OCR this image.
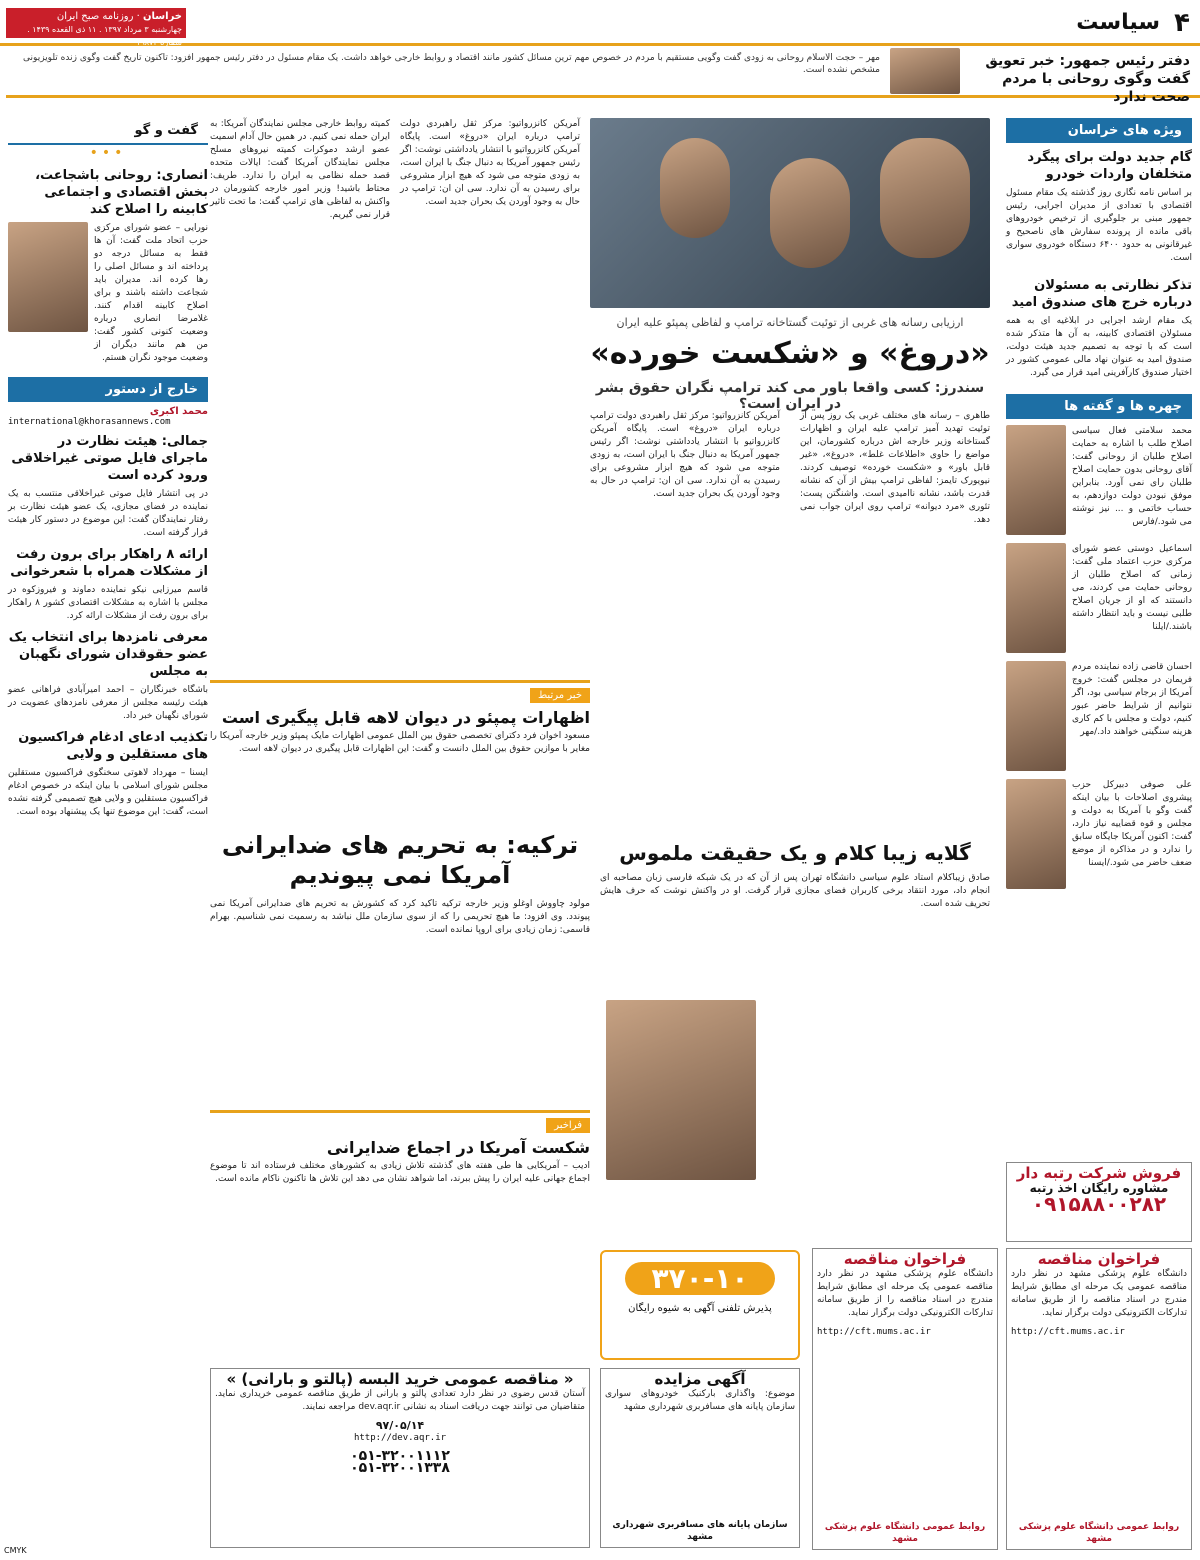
۴
سیاست
خراسان · روزنامه صبح ایران
چهارشنبه ۳ مرداد ۱۳۹۷ . ۱۱ ذی القعده ۱۴۳۹ . شماره ۱۹۸۷۴
دفتر رئیس جمهور: خبر تعویق گفت وگوی روحانی با مردم صحت ندارد
مهر – حجت الاسلام روحانی به زودی گفت وگویی مستقیم با مردم در خصوص مهم ترین مسائل کشور مانند اقتصاد و روابط خارجی خواهد داشت. یک مقام مسئول در دفتر رئیس جمهور افزود: تاکنون تاریخ گفت وگوی زنده تلویزیونی مشخص نشده است.
ویژه های خراسان
گام جدید دولت برای پیگرد متخلفان واردات خودرو
بر اساس نامه نگاری روز گذشته یک مقام مسئول اقتصادی با تعدادی از مدیران اجرایی، رئیس جمهور مبنی بر جلوگیری از ترخیص خودروهای باقی مانده از پرونده سفارش های ناصحیح و غیرقانونی به حدود ۶۴۰۰ دستگاه خودروی سواری است.
تذکر نظارتی به مسئولان درباره خرج های صندوق امید
یک مقام ارشد اجرایی در ابلاغیه ای به همه مسئولان اقتصادی کابینه، به آن ها متذکر شده است که با توجه به تصمیم جدید هیئت دولت، صندوق امید به عنوان نهاد مالی عمومی کشور در اختیار صندوق کارآفرینی امید قرار می گیرد.
چهره ها و گفته ها
محمد سلامتی فعال سیاسی اصلاح طلب با اشاره به حمایت اصلاح طلبان از روحانی گفت: آقای روحانی بدون حمایت اصلاح طلبان رای نمی آورد. بنابراین موفق نبودن دولت دوازدهم، به حساب خاتمی و ... نیز نوشته می شود./فارس
اسماعیل دوستی عضو شورای مرکزی حزب اعتماد ملی گفت: زمانی که اصلاح طلبان از روحانی حمایت می کردند، می دانستند که او از جریان اصلاح طلبی نیست و باید انتظار داشته باشند./ایلنا
احسان قاضی زاده نماینده مردم فریمان در مجلس گفت: خروج آمریکا از برجام سیاسی بود، اگر نتوانیم از شرایط حاضر عبور کنیم، دولت و مجلس با کم کاری هزینه سنگینی خواهند داد./مهر
علی صوفی دبیرکل حزب پیشروی اصلاحات با بیان اینکه گفت وگو با آمریکا به دولت و مجلس و قوه قضاییه نیاز دارد، گفت: اکنون آمریکا جایگاه سابق را ندارد و در مذاکره از موضع ضعف حاضر می شود./ایسنا
فروش شرکت رتبه دار
مشاوره رایگان اخذ رتبه
۰۹۱۵۸۸۰۰۲۸۲
فراخوان مناقصه
دانشگاه علوم پزشکی مشهد در نظر دارد مناقصه عمومی یک مرحله ای مطابق شرایط مندرج در اسناد مناقصه را از طریق سامانه تدارکات الکترونیکی دولت برگزار نماید.
http://cft.mums.ac.ir
روابط عمومی دانشگاه علوم پزشکی مشهد
فراخوان مناقصه
دانشگاه علوم پزشکی مشهد در نظر دارد مناقصه عمومی یک مرحله ای مطابق شرایط مندرج در اسناد مناقصه را از طریق سامانه تدارکات الکترونیکی دولت برگزار نماید.
http://cft.mums.ac.ir
روابط عمومی دانشگاه علوم پزشکی مشهد
ارزیابی رسانه های غربی از توئیت گستاخانه ترامپ و لفاظی پمپئو علیه ایران
«دروغ» و «شکست خورده»
سندرز: کسی واقعا باور می کند ترامپ نگران حقوق بشر در ایران است؟
طاهری – رسانه های مختلف غربی یک روز پس از توئیت تهدید آمیز ترامپ علیه ایران و اظهارات گستاخانه وزیر خارجه اش درباره کشورمان، این مواضع را حاوی «اطلاعات غلط»، «دروغ»، «غیر قابل باور» و «شکست خورده» توصیف کردند. نیویورک تایمز: لفاظی ترامپ بیش از آن که نشانه قدرت باشد، نشانه ناامیدی است. واشنگتن پست: تئوری «مرد دیوانه» ترامپ روی ایران جواب نمی دهد.
آمریکن کانزرواتیو: مرکز ثقل راهبردی دولت ترامپ درباره ایران «دروغ» است. پایگاه آمریکن کانزرواتیو با انتشار یادداشتی نوشت: اگر رئیس جمهور آمریکا به دنبال جنگ با ایران است، به زودی متوجه می شود که هیچ ابزار مشروعی برای رسیدن به آن ندارد. سی ان ان: ترامپ در حال به وجود آوردن یک بحران جدید است.
آمریکن کانزرواتیو: مرکز ثقل راهبردی دولت ترامپ درباره ایران «دروغ» است. پایگاه آمریکن کانزرواتیو با انتشار یادداشتی نوشت: اگر رئیس جمهور آمریکا به دنبال جنگ با ایران است، به زودی متوجه می شود که هیچ ابزار مشروعی برای رسیدن به آن ندارد. سی ان ان: ترامپ در حال به وجود آوردن یک بحران جدید است.
کمیته روابط خارجی مجلس نمایندگان آمریکا: به ایران حمله نمی کنیم. در همین حال آدام اسمیت عضو ارشد دموکرات کمیته نیروهای مسلح مجلس نمایندگان آمریکا گفت: ایالات متحده قصد حمله نظامی به ایران را ندارد. طریف: محتاط باشید! وزیر امور خارجه کشورمان در واکنش به لفاظی های ترامپ گفت: ما تحت تاثیر قرار نمی گیریم.
گفت و گو
•••
انصاری: روحانی باشجاعت، بخش اقتصادی و اجتماعی کابینه را اصلاح کند
نورایی – عضو شورای مرکزی حزب اتحاد ملت گفت: آن ها فقط به مسائل درجه دو پرداخته اند و مسائل اصلی را رها کرده اند. مدیران باید شجاعت داشته باشند و برای اصلاح کابینه اقدام کنند. غلامرضا انصاری درباره وضعیت کنونی کشور گفت: من هم مانند دیگران از وضعیت موجود نگران هستم.
خارج از دستور
محمد اکبری
international@khorasannews.com
جمالی: هیئت نظارت در ماجرای فایل صوتی غیراخلاقی ورود کرده است
در پی انتشار فایل صوتی غیراخلاقی منتسب به یک نماینده در فضای مجازی، یک عضو هیئت نظارت بر رفتار نمایندگان گفت: این موضوع در دستور کار هیئت قرار گرفته است.
ارائه ۸ راهکار برای برون رفت از مشکلات همراه با شعرخوانی
قاسم میرزایی نیکو نماینده دماوند و فیروزکوه در مجلس با اشاره به مشکلات اقتصادی کشور ۸ راهکار برای برون رفت از مشکلات ارائه کرد.
معرفی نامزدها برای انتخاب یک عضو حقوقدان شورای نگهبان به مجلس
باشگاه خبرنگاران – احمد امیرآبادی فراهانی عضو هیئت رئیسه مجلس از معرفی نامزدهای عضویت در شورای نگهبان خبر داد.
تکذیب ادعای ادغام فراکسیون های مستقلین و ولایی
ایسنا – مهرداد لاهوتی سخنگوی فراکسیون مستقلین مجلس شورای اسلامی با بیان اینکه در خصوص ادغام فراکسیون مستقلین و ولایی هیچ تصمیمی گرفته نشده است، گفت: این موضوع تنها یک پیشنهاد بوده است.
خبر مرتبط
اظهارات پمپئو در دیوان لاهه قابل پیگیری است
مسعود اخوان فرد دکترای تخصصی حقوق بین الملل عمومی اظهارات مایک پمپئو وزیر خارجه آمریکا را مغایر با موازین حقوق بین الملل دانست و گفت: این اظهارات قابل پیگیری در دیوان لاهه است.
ترکیه: به تحریم های ضدایرانی آمریکا نمی پیوندیم
مولود چاووش اوغلو وزیر خارجه ترکیه تاکید کرد که کشورش به تحریم های ضدایرانی آمریکا نمی پیوندد. وی افزود: ما هیچ تحریمی را که از سوی سازمان ملل نباشد به رسمیت نمی شناسیم. بهرام قاسمی: زمان زیادی برای اروپا نمانده است.
فراخبر
شکست آمریکا در اجماع ضدایرانی
ادیب – آمریکایی ها طی هفته های گذشته تلاش زیادی به کشورهای مختلف فرستاده اند تا موضوع اجماع جهانی علیه ایران را پیش ببرند، اما شواهد نشان می دهد این تلاش ها تاکنون ناکام مانده است.
گلایه زیبا کلام و یک حقیقت ملموس
صادق زیباکلام استاد علوم سیاسی دانشگاه تهران پس از آن که در یک شبکه فارسی زبان مصاحبه ای انجام داد، مورد انتقاد برخی کاربران فضای مجازی قرار گرفت. او در واکنش نوشت که حرف هایش تحریف شده است.
۳۷۰-۱۰
پذیرش تلفنی آگهی به شیوه رایگان
آگهی مزایده
موضوع: واگذاری بارکنیک خودروهای سواری سازمان پایانه های مسافربری شهرداری مشهد
سازمان پایانه های مسافربری شهرداری مشهد
« مناقصه عمومی خرید البسه (پالتو و بارانی) »
آستان قدس رضوی در نظر دارد تعدادی پالتو و بارانی از طریق مناقصه عمومی خریداری نماید. متقاضیان می توانند جهت دریافت اسناد به نشانی dev.aqr.ir مراجعه نمایند.
۹۷/۰۵/۱۴
http://dev.aqr.ir
۰۵۱-۳۲۰۰۱۱۱۲
۰۵۱-۳۲۰۰۱۳۳۸
CMYK
